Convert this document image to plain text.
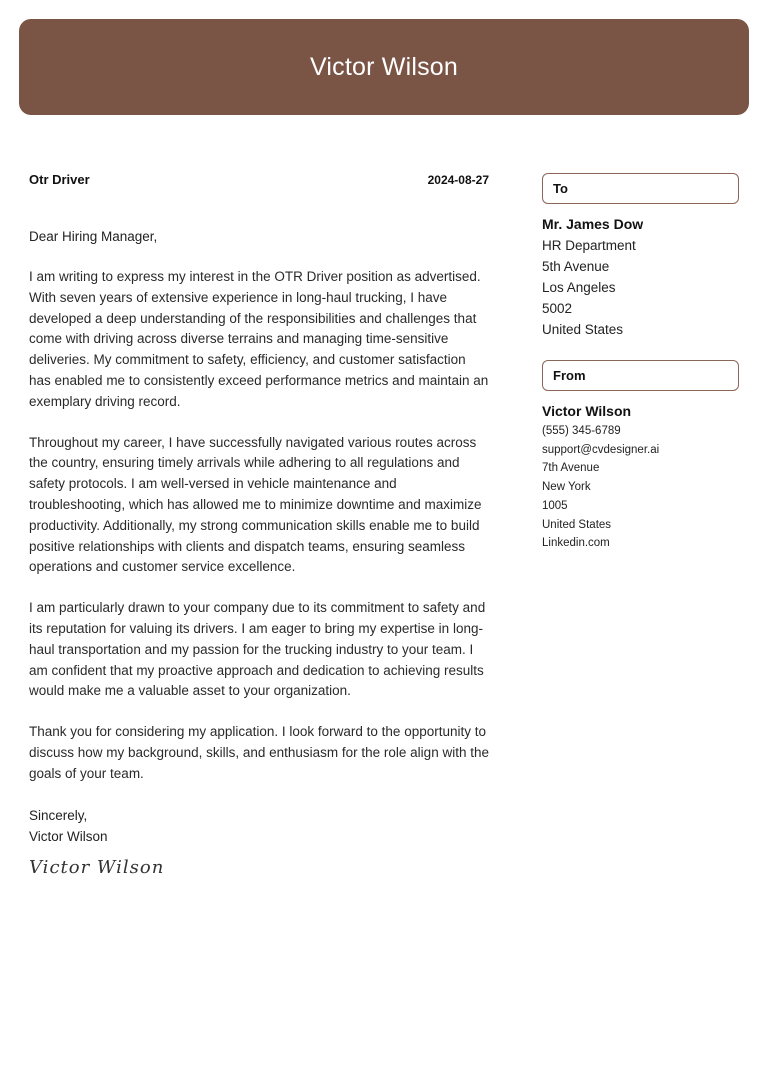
Victor Wilson
Otr Driver	2024-08-27

Dear Hiring Manager,

I am writing to express my interest in the OTR Driver position as advertised. With seven years of extensive experience in long-haul trucking, I have developed a deep understanding of the responsibilities and challenges that come with driving across diverse terrains and managing time-sensitive deliveries. My commitment to safety, efficiency, and customer satisfaction has enabled me to consistently exceed performance metrics and maintain an exemplary driving record.

Throughout my career, I have successfully navigated various routes across the country, ensuring timely arrivals while adhering to all regulations and safety protocols. I am well-versed in vehicle maintenance and troubleshooting, which has allowed me to minimize downtime and maximize productivity. Additionally, my strong communication skills enable me to build positive relationships with clients and dispatch teams, ensuring seamless operations and customer service excellence.

I am particularly drawn to your company due to its commitment to safety and its reputation for valuing its drivers. I am eager to bring my expertise in long-haul transportation and my passion for the trucking industry to your team. I am confident that my proactive approach and dedication to achieving results would make me a valuable asset to your organization.

Thank you for considering my application. I look forward to the opportunity to discuss how my background, skills, and enthusiasm for the role align with the goals of your team.

Sincerely,
Victor Wilson
Victor Wilson
To
Mr. James Dow
HR Department
5th Avenue
Los Angeles
5002
United States
From
Victor Wilson
(555) 345-6789
support@cvdesigner.ai
7th Avenue
New York
1005
United States
Linkedin.com
